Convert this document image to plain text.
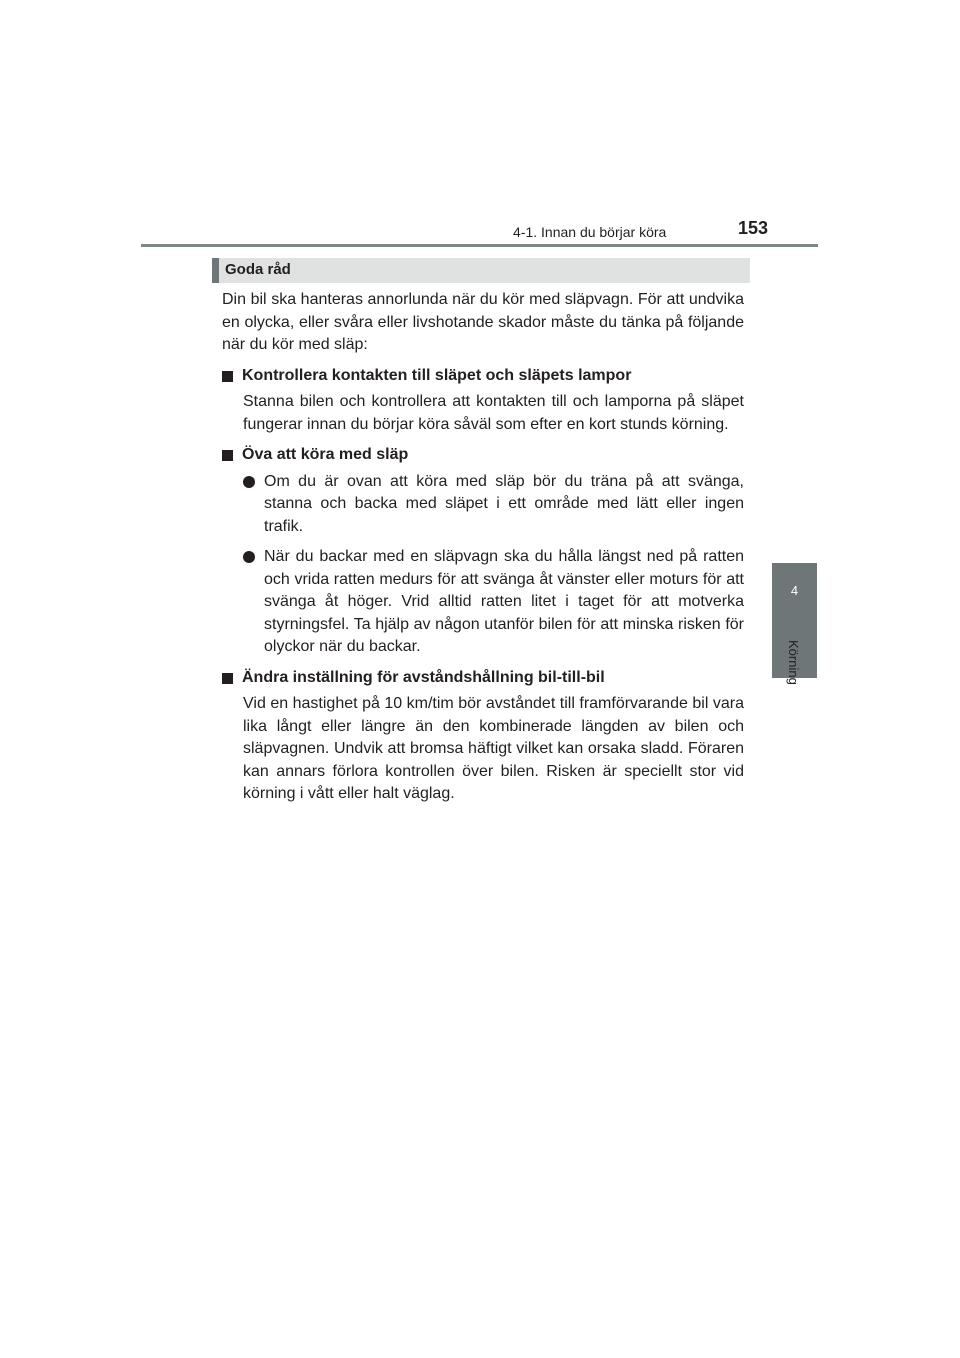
4-1. Innan du börjar köra	153
4
Körning
Goda råd

Din bil ska hanteras annorlunda när du kör med släpvagn. För att undvika en olycka, eller svåra eller livshotande skador måste du tänka på följande när du kör med släp:

Kontrollera kontakten till släpet och släpets lampor

Stanna bilen och kontrollera att kontakten till och lamporna på släpet fungerar innan du börjar köra såväl som efter en kort stunds körning.

Öva att köra med släp
Om du är ovan att köra med släp bör du träna på att svänga, stanna och backa med släpet i ett område med lätt eller ingen trafik.
När du backar med en släpvagn ska du hålla längst ned på ratten och vrida ratten medurs för att svänga åt vänster eller moturs för att svänga åt höger. Vrid alltid ratten litet i taget för att motverka styrningsfel. Ta hjälp av någon utanför bilen för att minska risken för olyckor när du backar.
Ändra inställning för avståndshållning bil-till-bil

Vid en hastighet på 10 km/tim bör avståndet till framförvarande bil vara lika långt eller längre än den kombinerade längden av bilen och släpvagnen. Undvik att bromsa häftigt vilket kan orsaka sladd. Föraren kan annars förlora kontrollen över bilen. Risken är speciellt stor vid körning i vått eller halt väglag.
